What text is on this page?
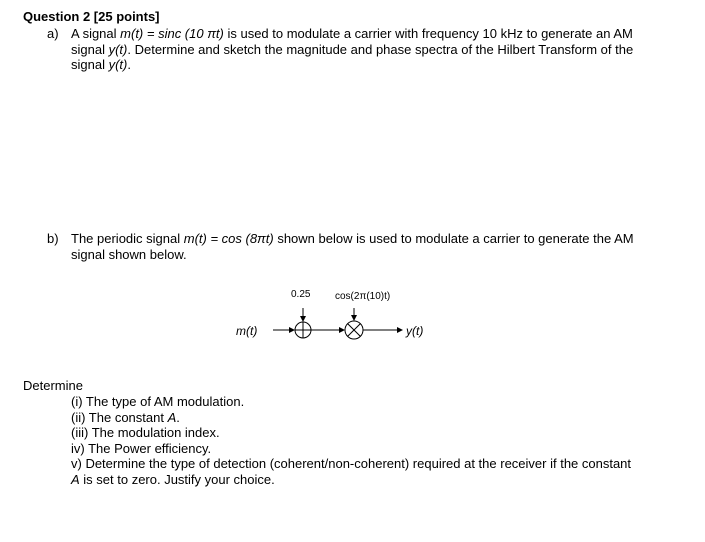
Question 2 [25 points]
a) A signal m(t) = sinc (10 πt) is used to modulate a carrier with frequency 10 kHz to generate an AM
signal y(t). Determine and sketch the magnitude and phase spectra of the Hilbert Transform of the
signal y(t).
b) The periodic signal m(t) = cos (8πt) shown below is used to modulate a carrier to generate the AM
signal shown below.
m(t)
0.25 cos(2π(10)t)
y(t)
Determine
(i) The type of AM modulation.
(ii) The constant A.
(iii) The modulation index.
iv) The Power efficiency.
v) Determine the type of detection (coherent/non-coherent) required at the receiver if the constant
A is set to zero. Justify your choice.
